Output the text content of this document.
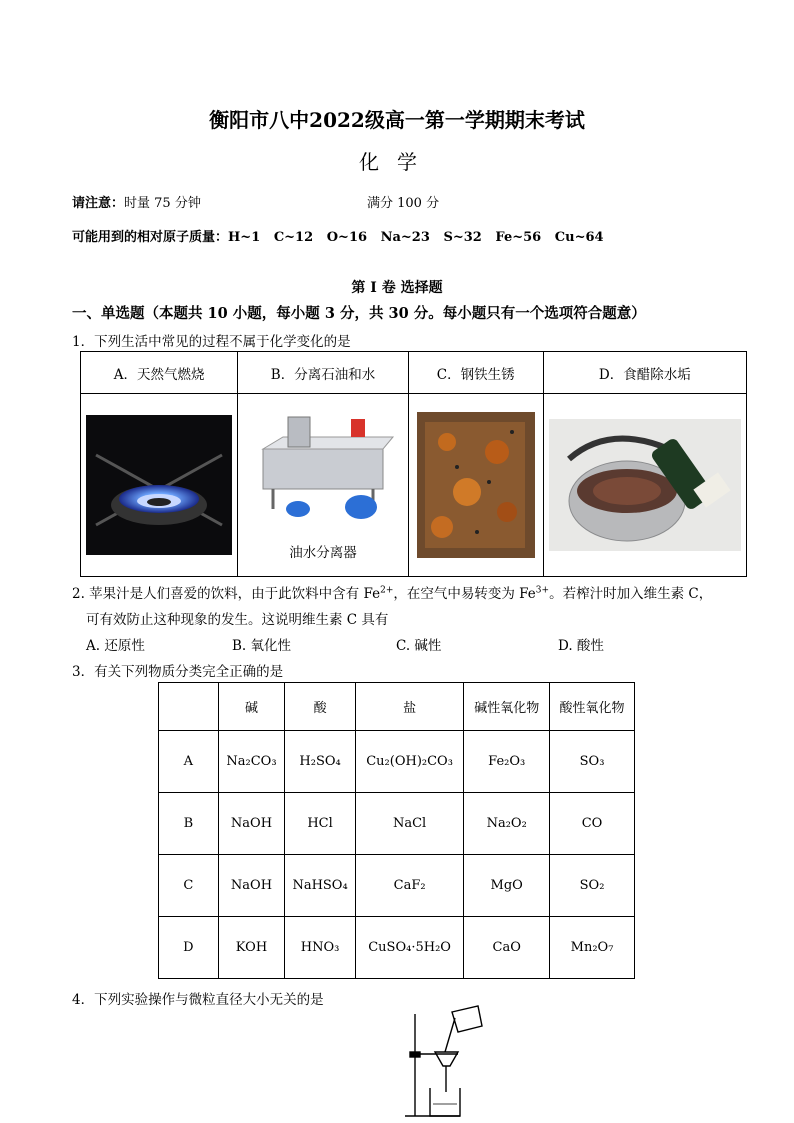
衡阳市八中2022级高一第一学期期末考试
化学
请注意：时量 75 分钟	满分 100 分
可能用到的相对原子质量：H~1   C~12   O~16   Na~23   S~32   Fe~56   Cu~64
第 I 卷 选择题
一、单选题（本题共 10 小题，每小题 3 分，共 30 分。每小题只有一个选项符合题意）
1．下列生活中常见的过程不属于化学变化的是
A．天然气燃烧	B．分离石油和水	C．钢铁生锈	D．食醋除水垢

油水分离器

2. 苹果汁是人们喜爱的饮料，由于此饮料中含有 $Fe^{2+}$，在空气中易转变为 $Fe^{3+}$。若榨汁时加入维生素 C，
可有效防止这种现象的发生。这说明维生素 C 具有
A. 还原性	B. 氧化性	C. 碱性	D. 酸性
3．有关下列物质分类完全正确的是
	碱	酸	盐	碱性氧化物	酸性氧化物
A	Na₂CO₃	H₂SO₄	Cu₂(OH)₂CO₃	Fe₂O₃	SO₃
B	NaOH	HCl	NaCl	Na₂O₂	CO
C	NaOH	NaHSO₄	CaF₂	MgO	SO₂
D	KOH	HNO₃	CuSO₄·5H₂O	CaO	Mn₂O₇
4．下列实验操作与微粒直径大小无关的是
